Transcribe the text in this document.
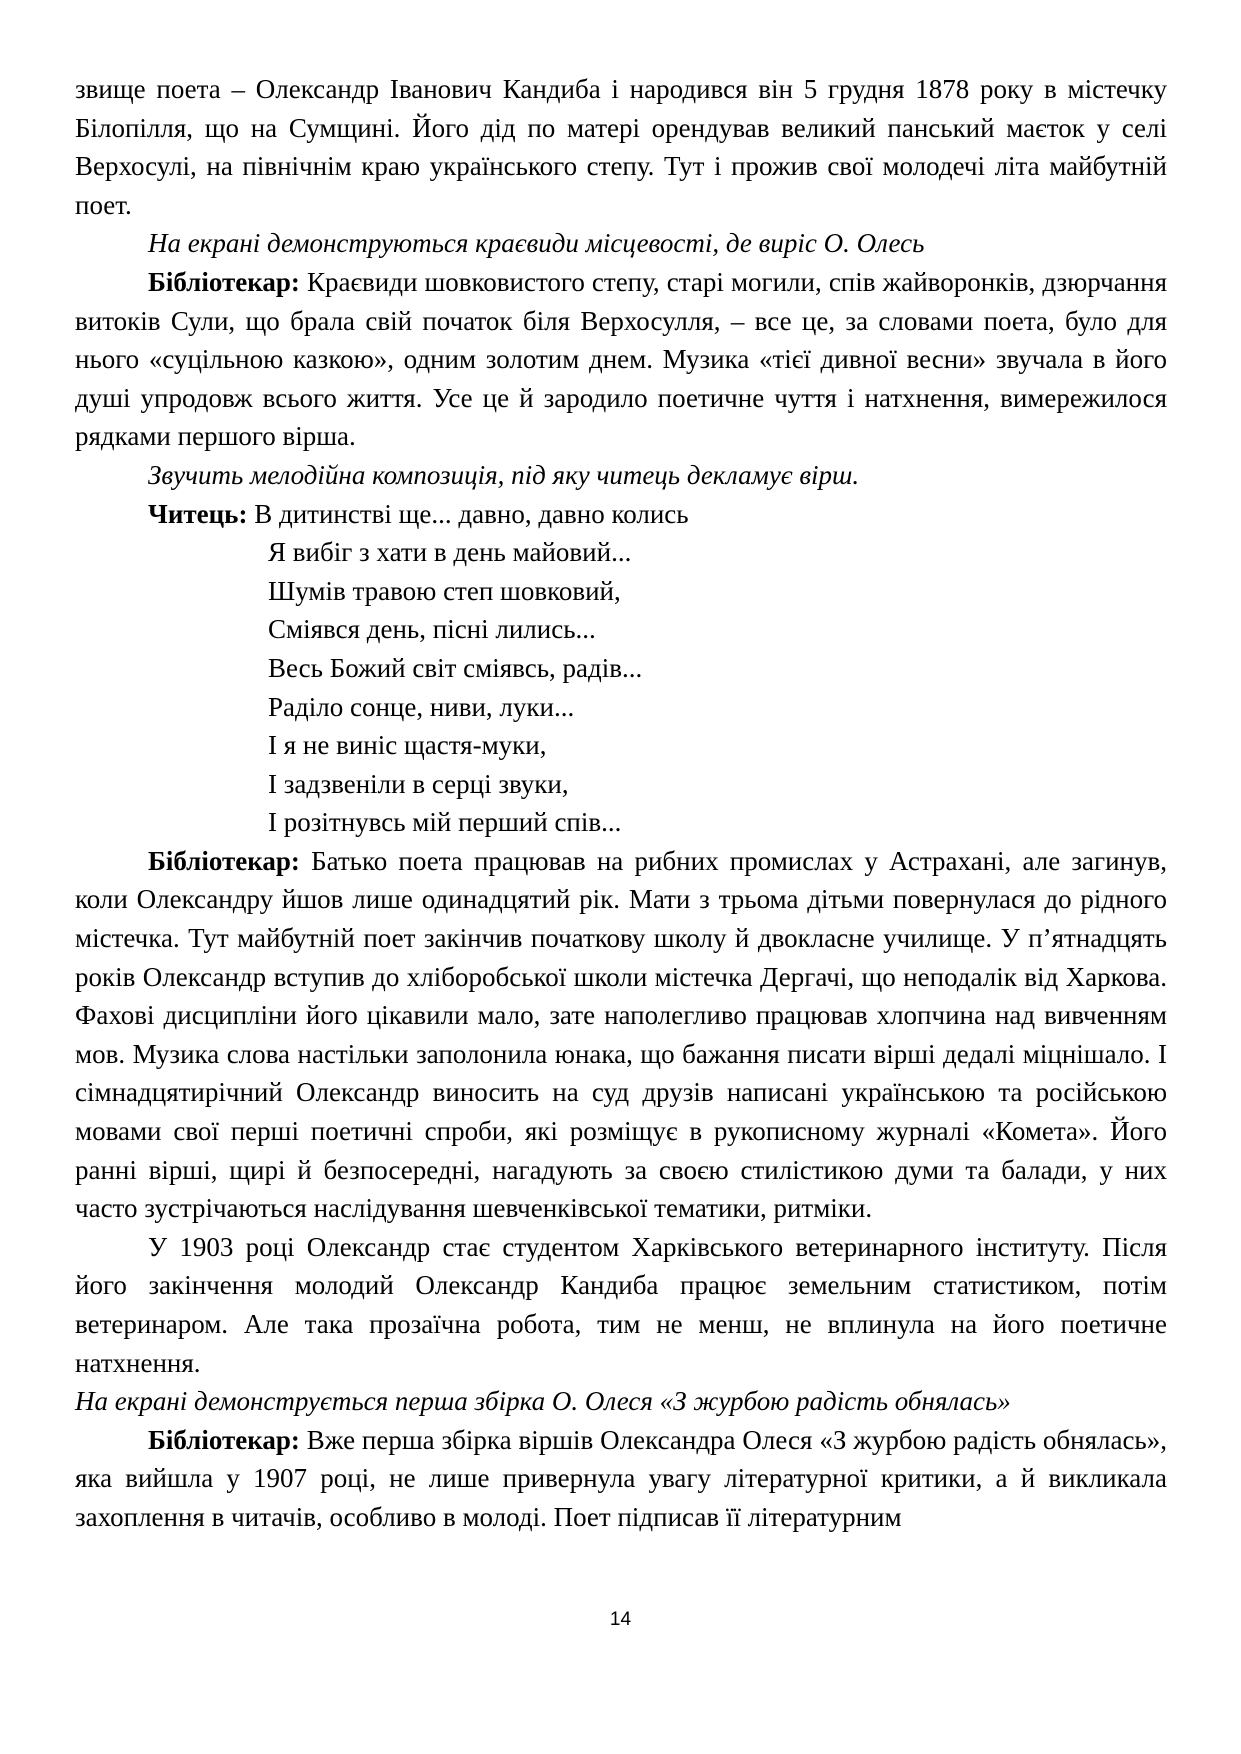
звище поета – Олександр Іванович Кандиба і народився він 5 грудня 1878 року в містечку Білопілля, що на Сумщині. Його дід по матері орендував великий панський маєток у селі Верхосулі, на північнім краю українського степу. Тут і прожив свої молодечі літа майбутній поет.

На екрані демонструються краєвиди місцевості, де виріс О. Олесь

Бібліотекар: Краєвиди шовковистого степу, старі могили, спів жайворонків, дзюрчання витоків Сули, що брала свій початок біля Верхосулля, – все це, за словами поета, було для нього «суцільною казкою», одним золотим днем. Музика «тієї дивної весни» звучала в його душі упродовж всього життя. Усе це й зародило поетичне чуття і натхнення, вимережилося рядками першого вірша.

Звучить мелодійна композиція, під яку читець декламує вірш.

Читець: В дитинстві ще... давно, давно колись

Я вибіг з хати в день майовий...

Шумів травою степ шовковий,

Сміявся день, пісні лились...

Весь Божий світ сміявсь, радів...

Раділо сонце, ниви, луки...

І я не виніс щастя-муки,

І задзвеніли в серці звуки,

І розітнувсь мій перший спів...

Бібліотекар: Батько поета працював на рибних промислах у Астрахані, але загинув, коли Олександру йшов лише одинадцятий рік. Мати з трьома дітьми повернулася до рідного містечка. Тут майбутній поет закінчив початкову школу й двокласне училище. У п’ятнадцять років Олександр вступив до хліборобської школи містечка Дергачі, що неподалік від Харкова. Фахові дисципліни його цікавили мало, зате наполегливо працював хлопчина над вивченням мов. Музика слова настільки заполонила юнака, що бажання писати вірші дедалі міцнішало. І сімнадцятирічний Олександр виносить на суд друзів написані українською та російською мовами свої перші поетичні спроби, які розміщує в рукописному журналі «Комета». Його ранні вірші, щирі й безпосередні, нагадують за своєю стилістикою думи та балади, у них часто зустрічаються наслідування шевченківської тематики, ритміки.

У 1903 році Олександр стає студентом Харківського ветеринарного інституту. Після його закінчення молодий Олександр Кандиба працює земельним статистиком, потім ветеринаром. Але така прозаїчна робота, тим не менш, не вплинула на його поетичне натхнення.

На екрані демонструється перша збірка О. Олеся «З журбою радість обнялась»

Бібліотекар: Вже перша збірка віршів Олександра Олеся «З журбою радість обнялась», яка вийшла у 1907 році, не лише привернула увагу літературної критики, а й викликала захоплення в читачів, особливо в молоді. Поет підписав її літературним

14
